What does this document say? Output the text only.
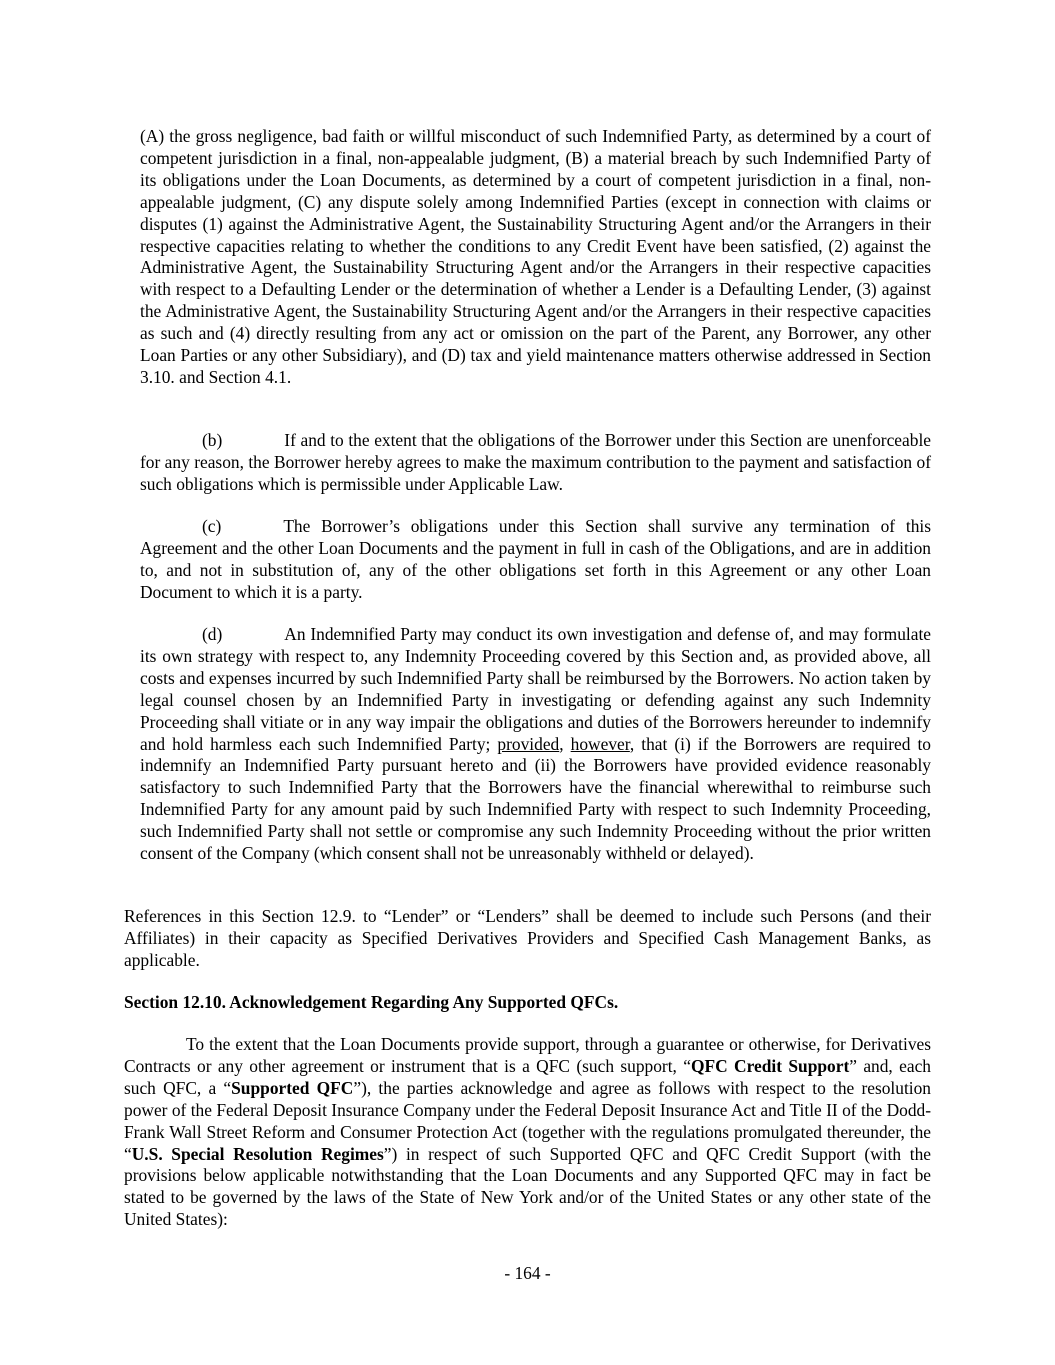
(A) the gross negligence, bad faith or willful misconduct of such Indemnified Party, as determined by a court of competent jurisdiction in a final, non-appealable judgment, (B) a material breach by such Indemnified Party of its obligations under the Loan Documents, as determined by a court of competent jurisdiction in a final, non-appealable judgment, (C) any dispute solely among Indemnified Parties (except in connection with claims or disputes (1) against the Administrative Agent, the Sustainability Structuring Agent and/or the Arrangers in their respective capacities relating to whether the conditions to any Credit Event have been satisfied, (2) against the Administrative Agent, the Sustainability Structuring Agent and/or the Arrangers in their respective capacities with respect to a Defaulting Lender or the determination of whether a Lender is a Defaulting Lender, (3) against the Administrative Agent, the Sustainability Structuring Agent and/or the Arrangers in their respective capacities as such and (4) directly resulting from any act or omission on the part of the Parent, any Borrower, any other Loan Parties or any other Subsidiary), and (D) tax and yield maintenance matters otherwise addressed in Section 3.10. and Section 4.1.

(b)	If and to the extent that the obligations of the Borrower under this Section are unenforceable for any reason, the Borrower hereby agrees to make the maximum contribution to the payment and satisfaction of such obligations which is permissible under Applicable Law.

(c)	The Borrower’s obligations under this Section shall survive any termination of this Agreement and the other Loan Documents and the payment in full in cash of the Obligations, and are in addition to, and not in substitution of, any of the other obligations set forth in this Agreement or any other Loan Document to which it is a party.

(d)	An Indemnified Party may conduct its own investigation and defense of, and may formulate its own strategy with respect to, any Indemnity Proceeding covered by this Section and, as provided above, all costs and expenses incurred by such Indemnified Party shall be reimbursed by the Borrowers. No action taken by legal counsel chosen by an Indemnified Party in investigating or defending against any such Indemnity Proceeding shall vitiate or in any way impair the obligations and duties of the Borrowers hereunder to indemnify and hold harmless each such Indemnified Party; provided, however, that (i) if the Borrowers are required to indemnify an Indemnified Party pursuant hereto and (ii) the Borrowers have provided evidence reasonably satisfactory to such Indemnified Party that the Borrowers have the financial wherewithal to reimburse such Indemnified Party for any amount paid by such Indemnified Party with respect to such Indemnity Proceeding, such Indemnified Party shall not settle or compromise any such Indemnity Proceeding without the prior written consent of the Company (which consent shall not be unreasonably withheld or delayed).

References in this Section 12.9. to “Lender” or “Lenders” shall be deemed to include such Persons (and their Affiliates) in their capacity as Specified Derivatives Providers and Specified Cash Management Banks, as applicable.

Section 12.10. Acknowledgement Regarding Any Supported QFCs.

To the extent that the Loan Documents provide support, through a guarantee or otherwise, for Derivatives Contracts or any other agreement or instrument that is a QFC (such support, “QFC Credit Support” and, each such QFC, a “Supported QFC”), the parties acknowledge and agree as follows with respect to the resolution power of the Federal Deposit Insurance Company under the Federal Deposit Insurance Act and Title II of the Dodd-Frank Wall Street Reform and Consumer Protection Act (together with the regulations promulgated thereunder, the “U.S. Special Resolution Regimes”) in respect of such Supported QFC and QFC Credit Support (with the provisions below applicable notwithstanding that the Loan Documents and any Supported QFC may in fact be stated to be governed by the laws of the State of New York and/or of the United States or any other state of the United States):

- 164 -
